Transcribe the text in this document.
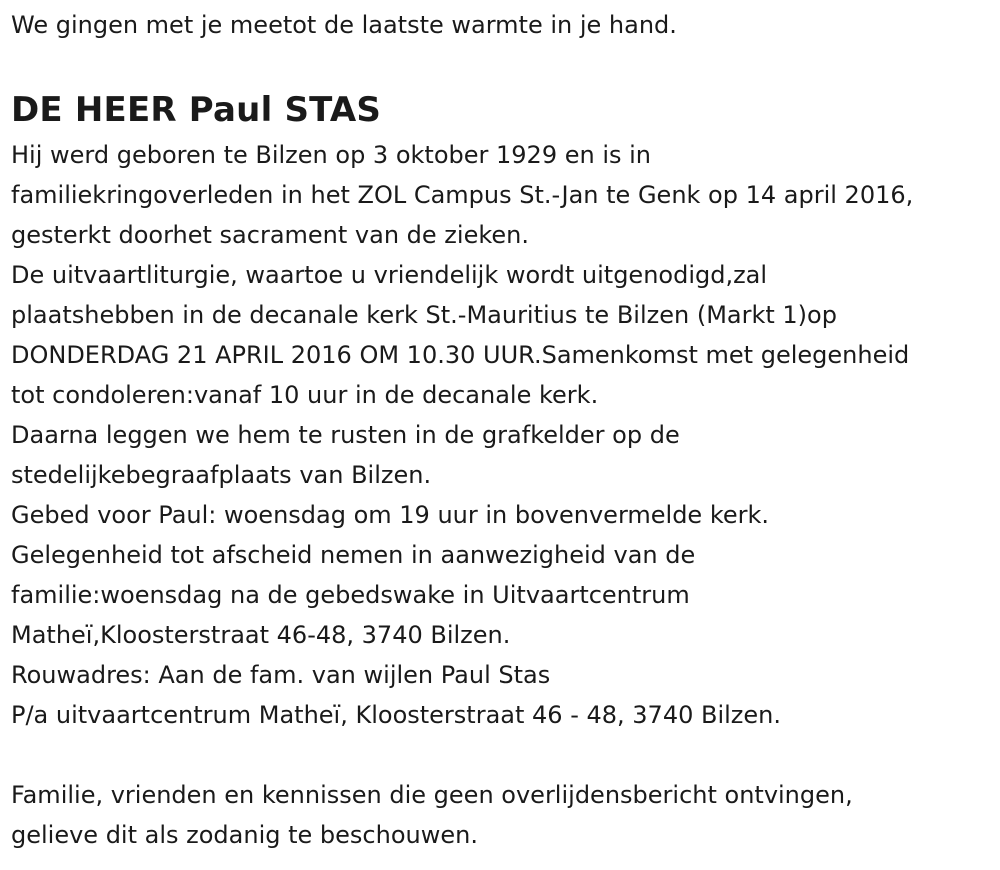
We gingen met je meetot de laatste warmte in je hand.
DE HEER Paul STAS
Hij werd geboren te Bilzen op 3 oktober 1929 en is in
familiekringoverleden in het ZOL Campus St.-Jan te Genk op 14 april 2016,
gesterkt doorhet sacrament van de zieken.
De uitvaartliturgie, waartoe u vriendelijk wordt uitgenodigd,zal
plaatshebben in de decanale kerk St.-Mauritius te Bilzen (Markt 1)op
DONDERDAG 21 APRIL 2016 OM 10.30 UUR.Samenkomst met gelegenheid
tot condoleren:vanaf 10 uur in de decanale kerk.
Daarna leggen we hem te rusten in de grafkelder op de
stedelijkebegraafplaats van Bilzen.
Gebed voor Paul: woensdag om 19 uur in bovenvermelde kerk.
Gelegenheid tot afscheid nemen in aanwezigheid van de
familie:woensdag na de gebedswake in Uitvaartcentrum
Matheï,Kloosterstraat 46-48, 3740 Bilzen.
Rouwadres: Aan de fam. van wijlen Paul Stas
P/a uitvaartcentrum Matheï, Kloosterstraat 46 - 48, 3740 Bilzen.
Familie, vrienden en kennissen die geen overlijdensbericht ontvingen,
gelieve dit als zodanig te beschouwen.
